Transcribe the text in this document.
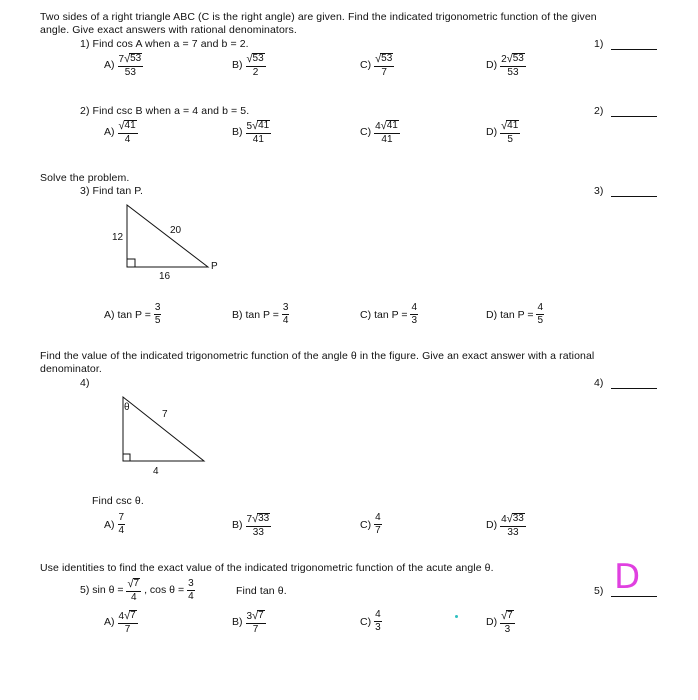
Two sides of a right triangle ABC (C is the right angle) are given. Find the indicated trigonometric function of the given
angle. Give exact answers with rational denominators.
1) Find cos A when a = 7 and b = 2.	1)
$A) \frac{7 √ 53}{53}$	$B) \frac{√ 53}{2}$	$C) \frac{√ 53}{7}$	$D) \frac{2 √ 53}{53}$
2) Find csc B when a = 4 and b = 5.	2)
$A) \frac{√ 41}{4}$	$B) \frac{5 √ 41}{41}$	$C) \frac{4 √ 41}{41}$	$D) \frac{√ 41}{5}$
Solve the problem.
3) Find tan P.	3)
12
20
16
P
A) $\tan P = \frac{3}{5}$	B) $\tan P = \frac{3}{4}$	C) $\tan P = \frac{4}{3}$	D) $\tan P = \frac{4}{5}$
Find the value of the indicated trigonometric function of the angle θ in the figure. Give an exact answer with a rational
denominator.
4)	4)
θ
7
4
Find csc θ.
$A) \frac{7}{4}$	$B) \frac{7 √ 33}{33}$	$C) \frac{4}{7}$	$D) \frac{4 √ 33}{33}$
Use identities to find the exact value of the indicated trigonometric function of the acute angle θ.
5) $\sin \theta = \frac{√ 7}{4}$ , $\cos \theta = \frac{3}{4}$	Find tan θ.	5) D
$A) \frac{4 √ 7}{7}$	$B) \frac{3 √ 7}{7}$	$C) \frac{4}{3}$	$D) \frac{√ 7}{3}$
